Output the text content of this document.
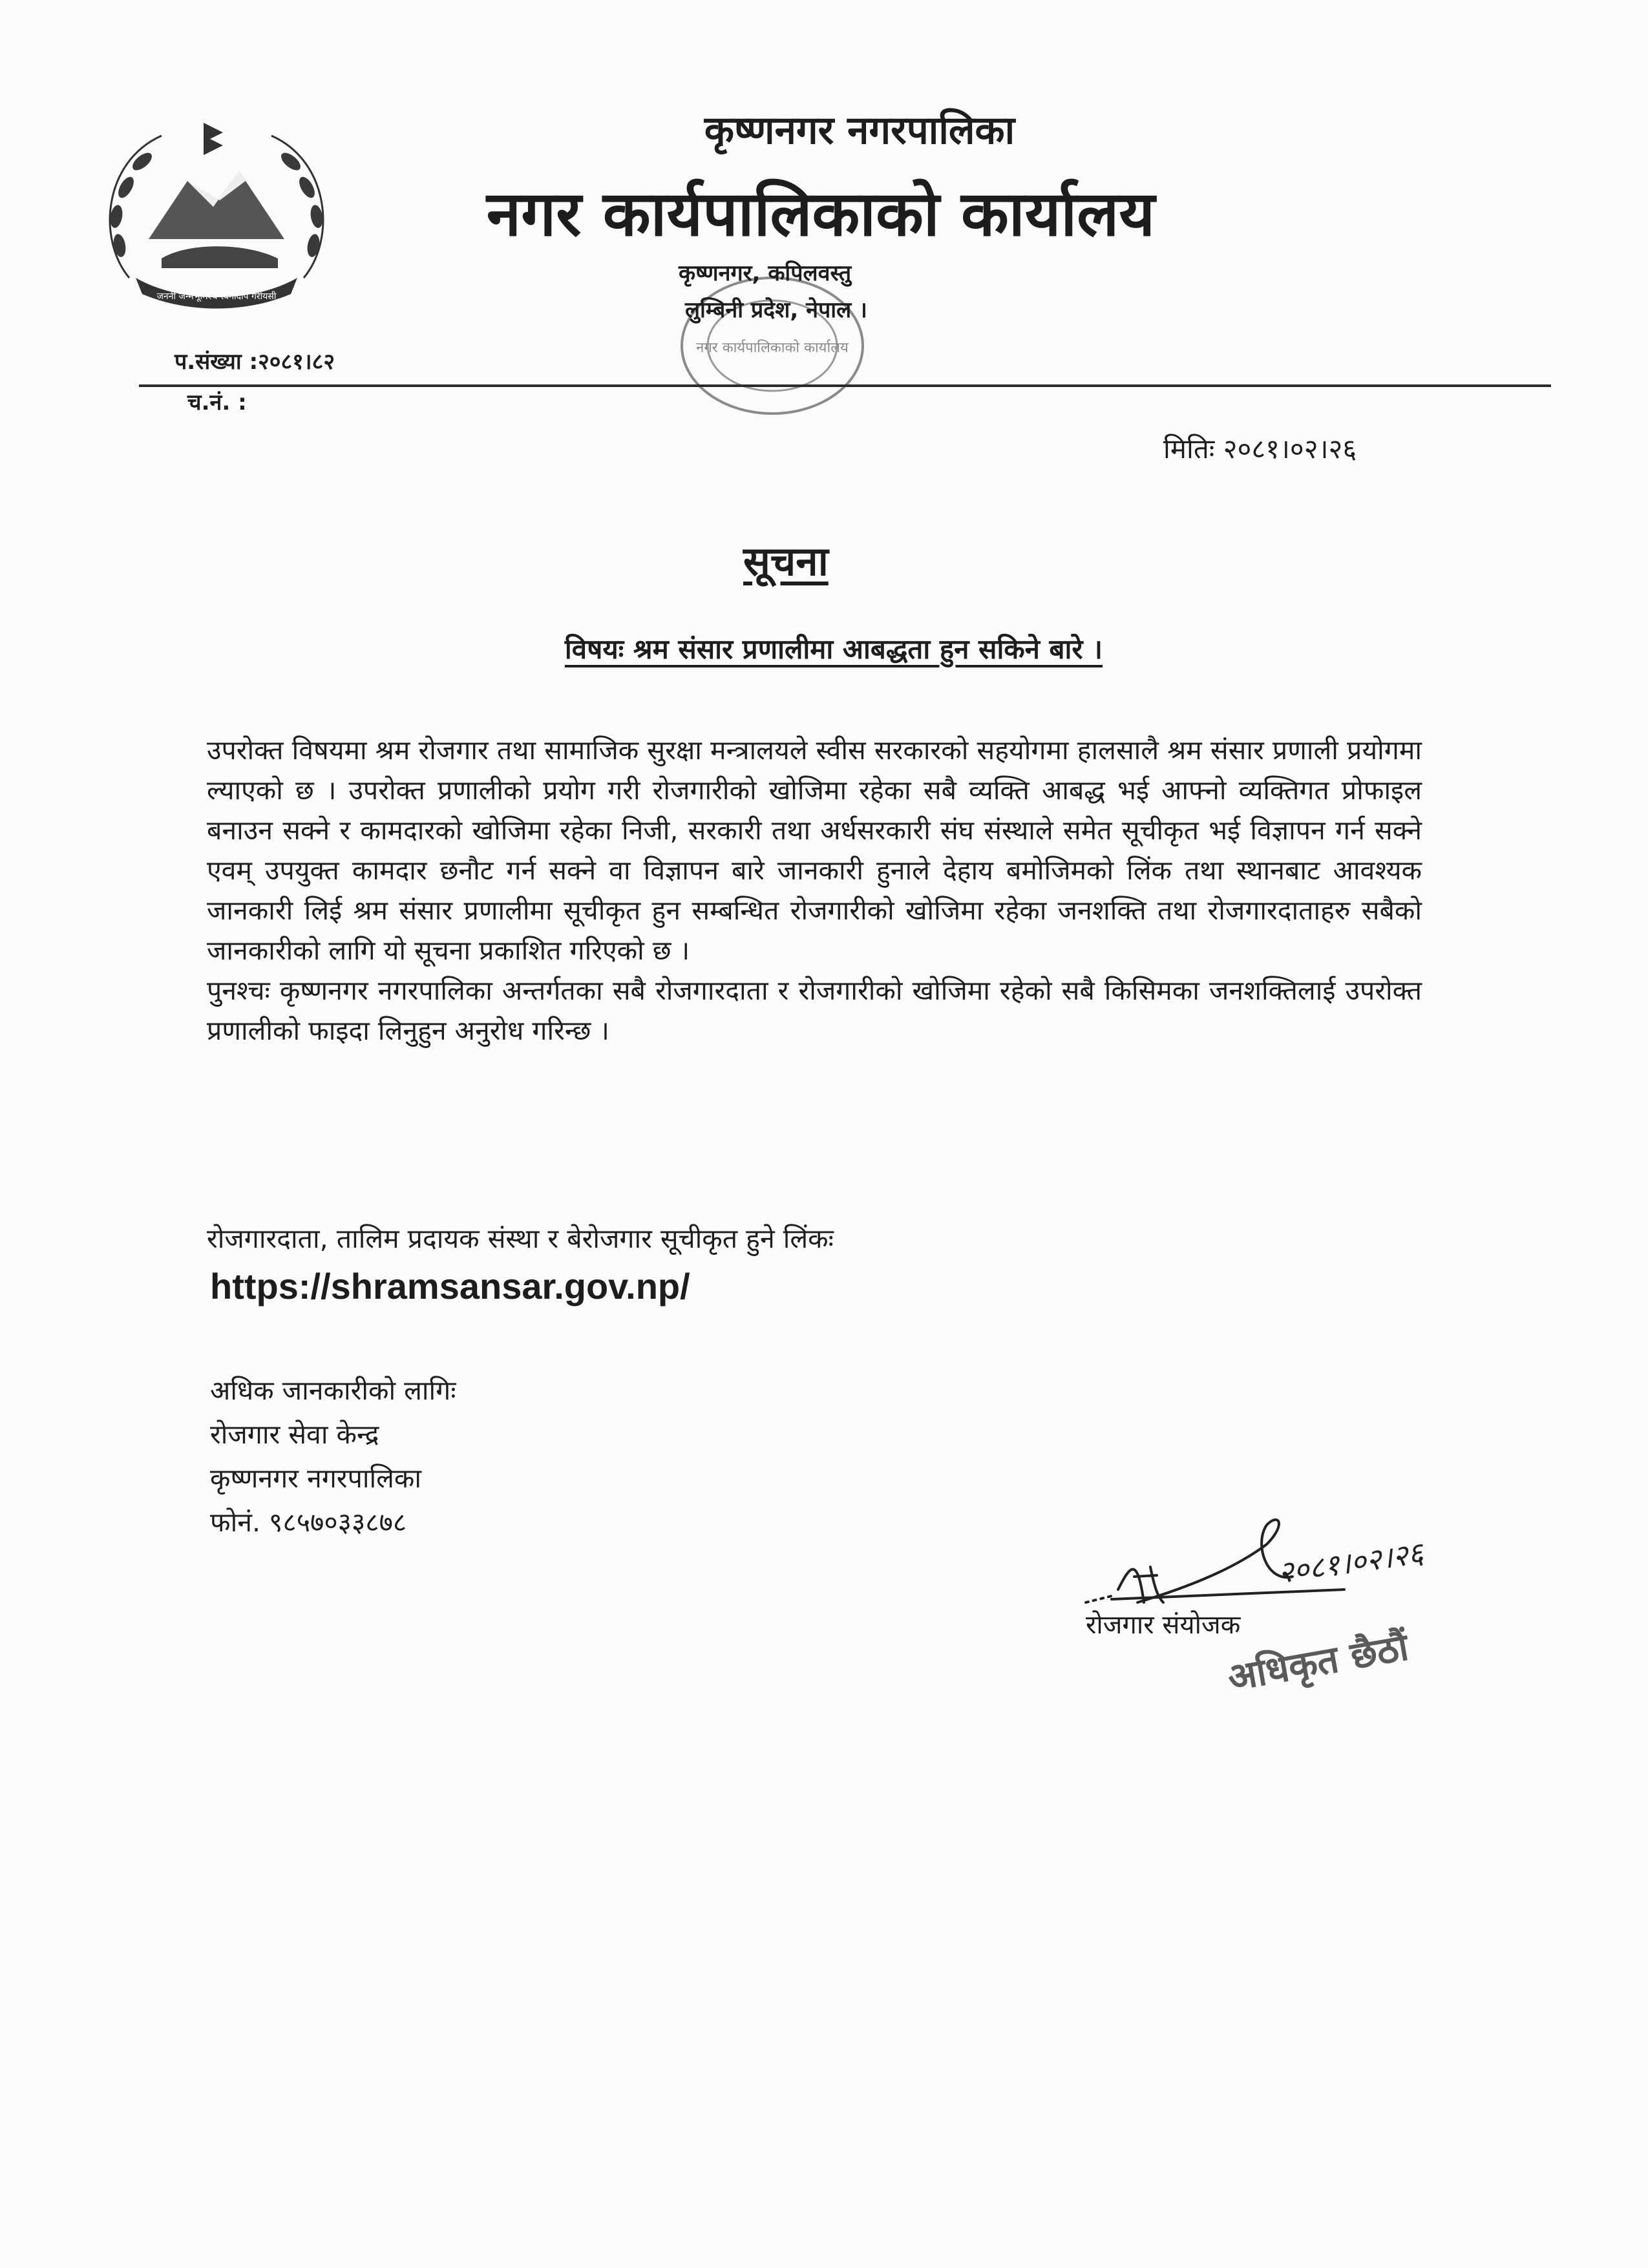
जननी जन्मभूमिश्च स्वर्गादपि गरीयसी
कृष्णनगर नगरपालिका
नगर कार्यपालिकाको कार्यालय
नगर कार्यपालिकाको कार्यालय
कृष्णनगर, कपिलवस्तु
लुम्बिनी प्रदेश, नेपाल ।
प.संख्या :२०८१।८२
च.नं. :
मितिः २०८१।०२।२६
सूचना
विषयः श्रम संसार प्रणालीमा आबद्धता हुन सकिने बारे ।

उपरोक्त विषयमा श्रम रोजगार तथा सामाजिक सुरक्षा मन्त्रालयले स्वीस सरकारको सहयोगमा हालसालै श्रम संसार प्रणाली प्रयोगमा ल्याएको छ । उपरोक्त प्रणालीको प्रयोग गरी रोजगारीको खोजिमा रहेका सबै व्यक्ति आबद्ध भई आफ्नो व्यक्तिगत प्रोफाइल बनाउन सक्ने र कामदारको खोजिमा रहेका निजी, सरकारी तथा अर्धसरकारी संघ संस्थाले समेत सूचीकृत भई विज्ञापन गर्न सक्ने एवम् उपयुक्त कामदार छनौट गर्न सक्ने वा विज्ञापन बारे जानकारी हुनाले देहाय बमोजिमको लिंक तथा स्थानबाट आवश्यक जानकारी लिई श्रम संसार प्रणालीमा सूचीकृत हुन सम्बन्धित रोजगारीको खोजिमा रहेका जनशक्ति तथा रोजगारदाताहरु सबैको जानकारीको लागि यो सूचना प्रकाशित गरिएको छ ।

पुनश्चः कृष्णनगर नगरपालिका अन्तर्गतका सबै रोजगारदाता र रोजगारीको खोजिमा रहेको सबै किसिमका जनशक्तिलाई उपरोक्त प्रणालीको फाइदा लिनुहुन अनुरोध गरिन्छ ।

रोजगारदाता, तालिम प्रदायक संस्था र बेरोजगार सूचीकृत हुने लिंकः
https://shramsansar.gov.np/
अधिक जानकारीको लागिः
रोजगार सेवा केन्द्र
कृष्णनगर नगरपालिका
फोनं. ९८५७०३३८७८
२०८१।०२।२६
रोजगार संयोजक
अधिकृत छैठौं
